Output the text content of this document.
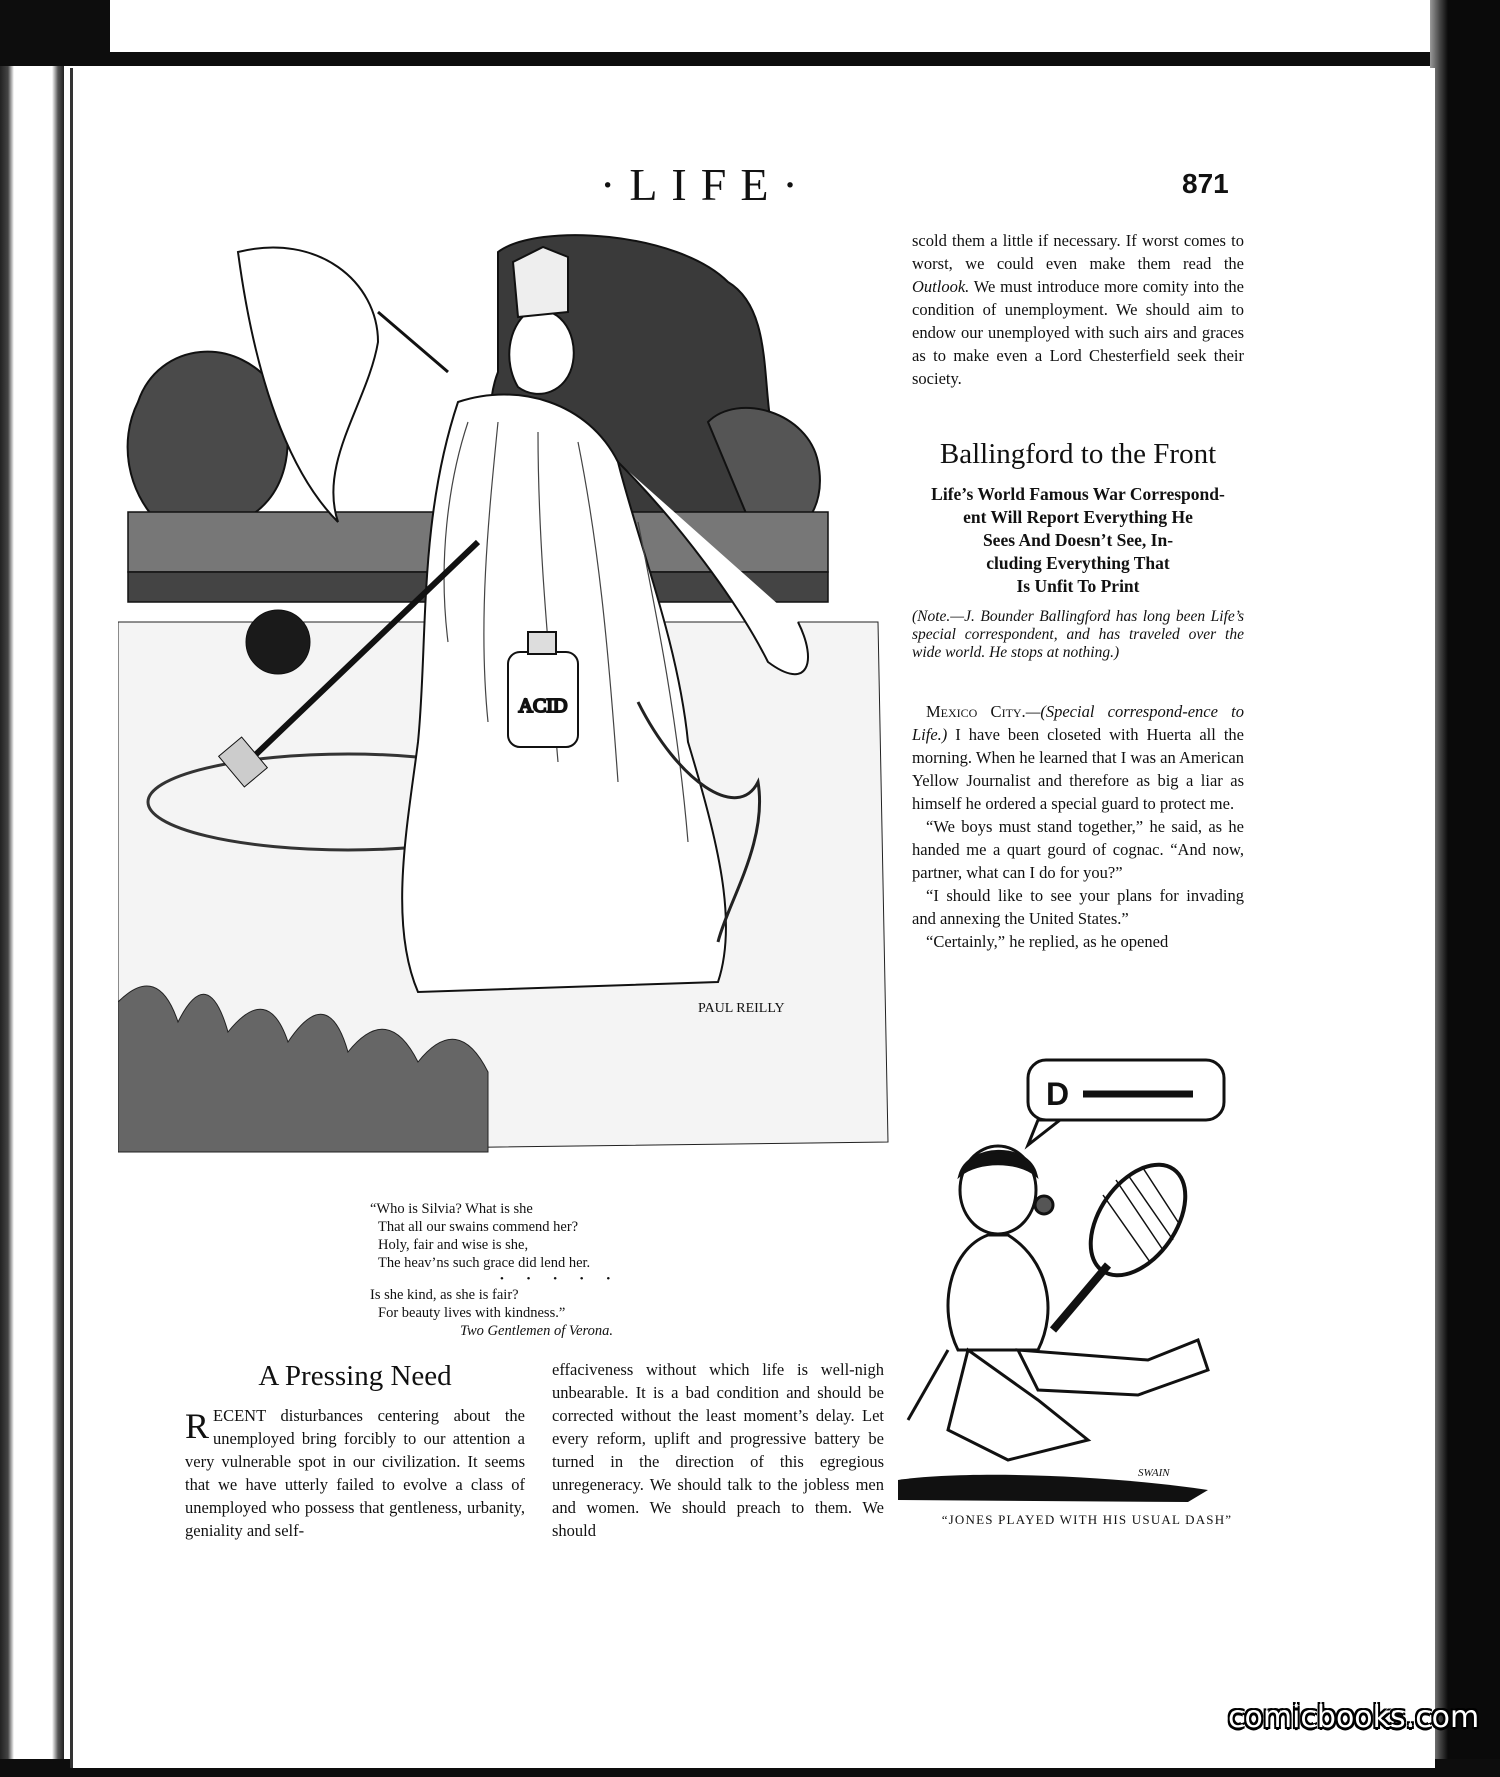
·LIFE·	871
ACID
PAUL REILLY
“Who is Silvia? What is she
That all our swains commend her?
Holy, fair and wise is she,
The heav’ns such grace did lend her.
• • • • •
Is she kind, as she is fair?
For beauty lives with kindness.”
Two Gentlemen of Verona.

scold them a little if necessary. If worst comes to worst, we could even make them read the Outlook. We must introduce more comity into the condition of unemployment. We should aim to endow our unemployed with such airs and graces as to make even a Lord Chesterfield seek their society.

Ballingford to the Front
Life’s World Famous War Correspond-
ent Will Report Everything He
Sees And Doesn’t See, In-
cluding Everything That
Is Unfit To Print
(Note.—J. Bounder Ballingford has long been Life’s special correspondent, and has traveled over the wide world. He stops at nothing.)

Mexico City.—(Special correspond-ence to Life.) I have been closeted with Huerta all the morning. When he learned that I was an American Yellow Journalist and therefore as big a liar as himself he ordered a special guard to protect me.

“We boys must stand together,” he said, as he handed me a quart gourd of cognac. “And now, partner, what can I do for you?”

“I should like to see your plans for invading and annexing the United States.”

“Certainly,” he replied, as he opened

D
SWAIN
“JONES PLAYED WITH HIS USUAL DASH”
A Pressing Need

RECENT disturbances centering about the unemployed bring forcibly to our attention a very vulnerable spot in our civilization. It seems that we have utterly failed to evolve a class of unemployed who possess that gentleness, urbanity, geniality and self-

effaciveness without which life is well-nigh unbearable. It is a bad condition and should be corrected without the least moment’s delay. Let every reform, uplift and progressive battery be turned in the direction of this egregious unregeneracy. We should talk to the jobless men and women. We should preach to them. We should

comicbooks.com
